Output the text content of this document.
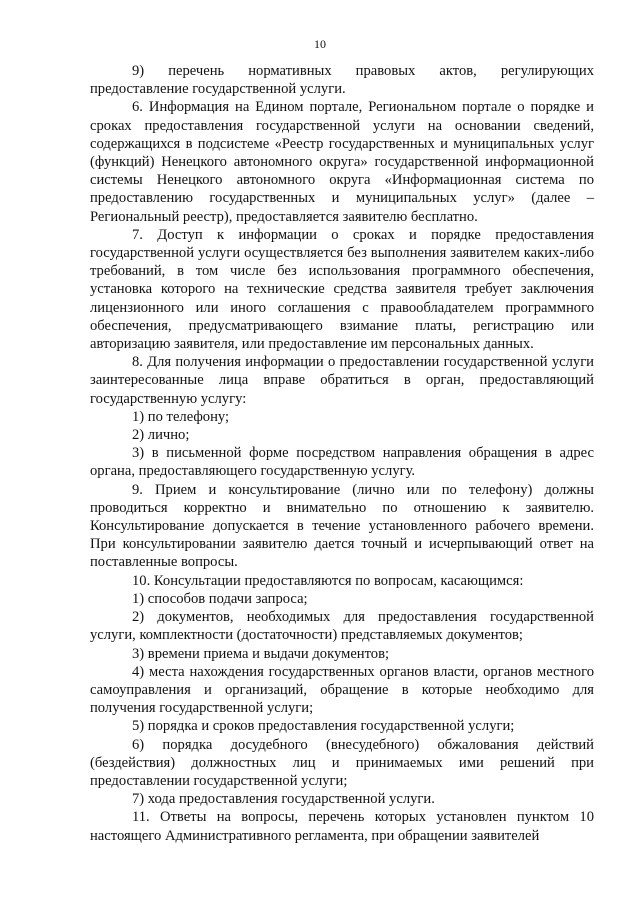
10

9) перечень нормативных правовых актов, регулирующих предоставление государственной услуги.

6. Информация на Едином портале, Региональном портале о порядке и сроках предоставления государственной услуги на основании сведений, содержащихся в подсистеме «Реестр государственных и муниципальных услуг (функций) Ненецкого автономного округа» государственной информационной системы Ненецкого автономного округа «Информационная система по предоставлению государственных и муниципальных услуг» (далее – Региональный реестр), предоставляется заявителю бесплатно.

7. Доступ к информации о сроках и порядке предоставления государственной услуги осуществляется без выполнения заявителем каких-либо требований, в том числе без использования программного обеспечения, установка которого на технические средства заявителя требует заключения лицензионного или иного соглашения с правообладателем программного обеспечения, предусматривающего взимание платы, регистрацию или авторизацию заявителя, или предоставление им персональных данных.

8. Для получения информации о предоставлении государственной услуги заинтересованные лица вправе обратиться в орган, предоставляющий государственную услугу:

1) по телефону;

2) лично;

3) в письменной форме посредством направления обращения в адрес органа, предоставляющего государственную услугу.

9. Прием и консультирование (лично или по телефону) должны проводиться корректно и внимательно по отношению к заявителю. Консультирование допускается в течение установленного рабочего времени. При консультировании заявителю дается точный и исчерпывающий ответ на поставленные вопросы.

10. Консультации предоставляются по вопросам, касающимся:

1) способов подачи запроса;

2) документов, необходимых для предоставления государственной услуги, комплектности (достаточности) представляемых документов;

3) времени приема и выдачи документов;

4) места нахождения государственных органов власти, органов местного самоуправления и организаций, обращение в которые необходимо для получения государственной услуги;

5) порядка и сроков предоставления государственной услуги;

6) порядка досудебного (внесудебного) обжалования действий (бездействия) должностных лиц и принимаемых ими решений при предоставлении государственной услуги;

7) хода предоставления государственной услуги.

11. Ответы на вопросы, перечень которых установлен пунктом 10 настоящего Административного регламента, при обращении заявителей
